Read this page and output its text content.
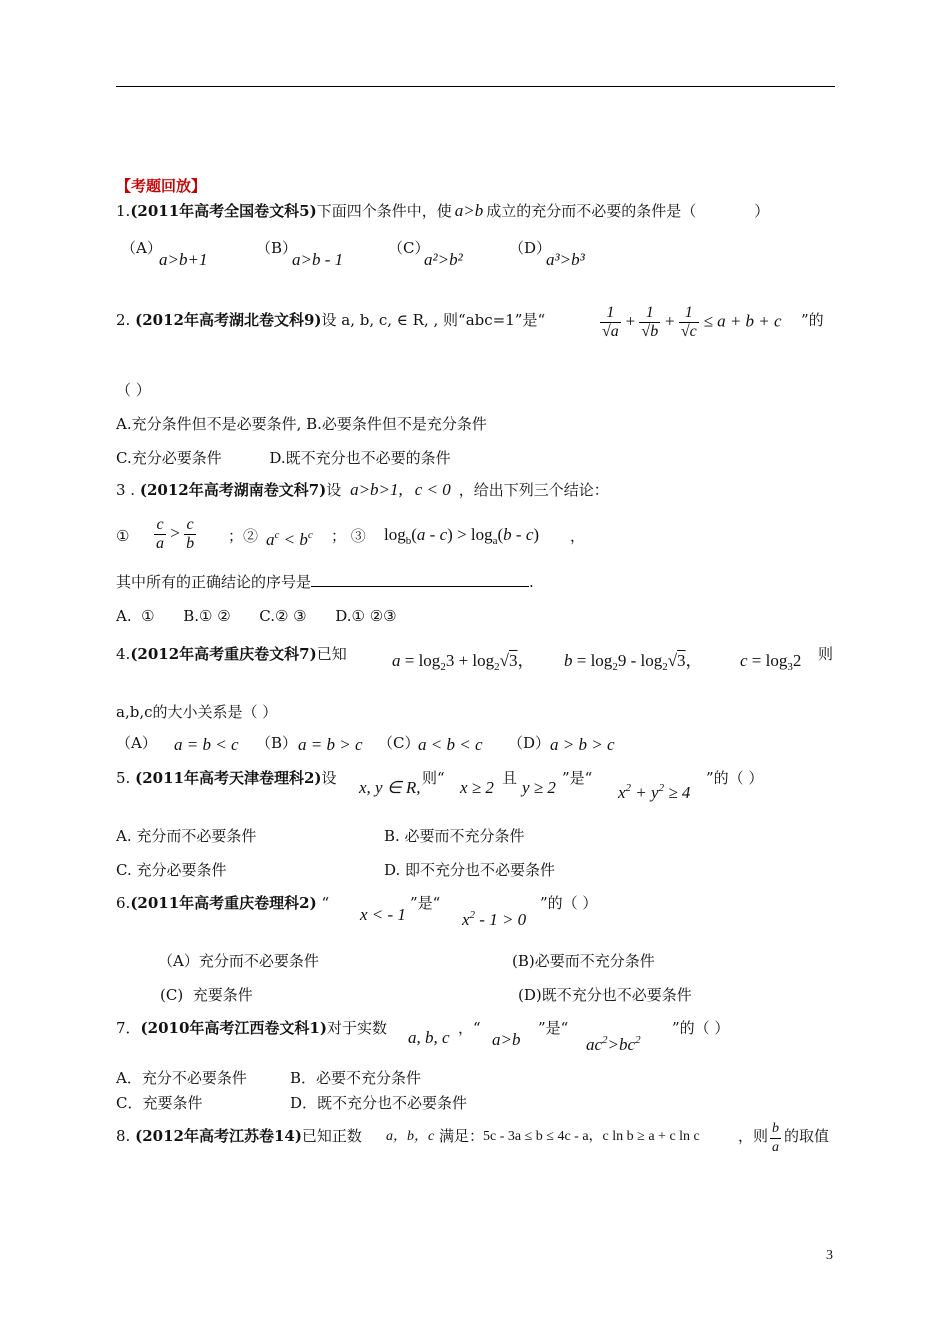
【考题回放】
1.(2011年高考全国卷文科5)下面四个条件中，使 a>b 成立的充分而不必要的条件是（	）
（A）
a>b+1
（B）
a>b - 1
（C）
a²>b²
（D）
a³>b³
2. (2012年高考湖北卷文科9)设 a, b, c, ∈ R, , 则“abc=1”是“	$\frac{1}{√a} + \frac{1}{√b} + \frac{1}{√c} \le a + b + c$ ”的
（ ）
A.充分条件但不是必要条件, B.必要条件但不是充分条件
C.充分必要条件          D.既不充分也不必要的条件
3 . (2012年高考湖南卷文科7)设 a>b>1, c < 0 ，给出下列三个结论：
① $\frac{c}{a} > \frac{c}{b}$ ；② $a^c < b^c$ ； ③ $\log_b(a - c) > \log_a(b - c)$ ，
其中所有的正确结论的序号是	.
A.  ①      B.① ②      C.② ③      D.① ②③
4.(2012年高考重庆卷文科7)已知	$a = \log_23 + \log_2√3$， $b = \log_29 - \log_2√3$， $c = \log_32$ 则
a,b,c的大小关系是（ ）
（A） a = b < c （B） a = b > c （C）
a < b < c （D） a > b > c
5. (2011年高考天津卷理科2)设 x, y ∈ R, 则“ x ≥ 2 且 y ≥ 2 ”是“
$x^2 + y^2 \ge 4$
”的（ ）
A. 充分而不必要条件	B. 必要而不充分条件
C. 充分必要条件	D. 即不充分也不必要条件
6.(2011年高考重庆卷理科2) “
x < - 1
”是“
$x^2 - 1 > 0$
”的（ ）
（A）充分而不必要条件	(B)必要而不充分条件
(C)  充要条件	(D)既不充分也不必要条件
7．(2010年高考江西卷文科1)对于实数 a, b, c ，“
a>b
”是“
$ac^2>bc^2$
”的（ ）
A．充分不必要条件	B．必要不充分条件
C．充要条件	D．既不充分也不必要条件
8. (2012年高考江苏卷14)已知正数 a，b，c 满足：
5c - 3a ≤ b ≤ 4c - a，c ln b ≥ a + c ln c	，则 $\frac{b}{a}$ 的取值
3
